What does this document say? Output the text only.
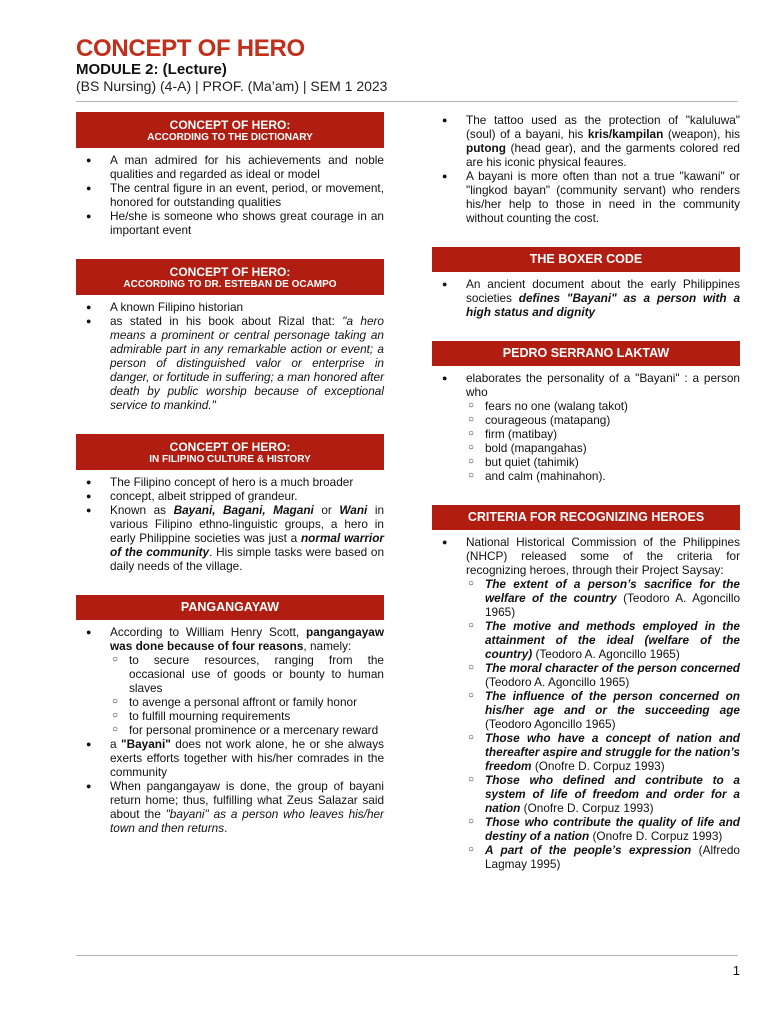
CONCEPT OF HERO
MODULE 2: (Lecture)
(BS Nursing) (4-A) | PROF. (Ma’am) | SEM 1 2023
CONCEPT OF HERO:
ACCORDING TO THE DICTIONARY
● A man admired for his achievements and noble qualities and regarded as ideal or model
● The central figure in an event, period, or movement, honored for outstanding qualities
● He/she is someone who shows great courage in an important event
CONCEPT OF HERO:
ACCORDING TO DR. ESTEBAN DE OCAMPO
● A known Filipino historian
● as stated in his book about Rizal that: "a hero means a prominent or central personage taking an admirable part in any remarkable action or event; a person of distinguished valor or enterprise in danger, or fortitude in suffering; a man honored after death by public worship because of exceptional service to mankind."
CONCEPT OF HERO:
IN FILIPINO CULTURE & HISTORY
● The Filipino concept of hero is a much broader
● concept, albeit stripped of grandeur.
● Known as Bayani, Bagani, Magani or Wani in various Filipino ethno-linguistic groups, a hero in early Philippine societies was just a normal warrior of the community. His simple tasks were based on daily needs of the village.
PANGANGAYAW
● According to William Henry Scott, pangangayaw was done because of four reasons, namely:
○ to secure resources, ranging from the occasional use of goods or bounty to human slaves
○ to avenge a personal affront or family honor
○ to fulfill mourning requirements
○ for personal prominence or a mercenary reward
● a "Bayani" does not work alone, he or she always exerts efforts together with his/her comrades in the community
● When pangangayaw is done, the group of bayani return home; thus, fulfilling what Zeus Salazar said about the "bayani" as a person who leaves his/her town and then returns.
● The tattoo used as the protection of "kaluluwa" (soul) of a bayani, his kris/kampilan (weapon), his putong (head gear), and the garments colored red are his iconic physical feaures.
● A bayani is more often than not a true "kawani" or "lingkod bayan" (community servant) who renders his/her help to those in need in the community without counting the cost.
THE BOXER CODE
● An ancient document about the early Philippines societies defines "Bayani" as a person with a high status and dignity
PEDRO SERRANO LAKTAW
● elaborates the personality of a "Bayani" : a person who
○ fears no one (walang takot)
○ courageous (matapang)
○ firm (matibay)
○ bold (mapangahas)
○ but quiet (tahimik)
○ and calm (mahinahon).
CRITERIA FOR RECOGNIZING HEROES
● National Historical Commission of the Philippines (NHCP) released some of the criteria for recognizing heroes, through their Project Saysay:
○ The extent of a person’s sacrifice for the welfare of the country (Teodoro A. Agoncillo 1965)
○ The motive and methods employed in the attainment of the ideal (welfare of the country) (Teodoro A. Agoncillo 1965)
○ The moral character of the person concerned (Teodoro A. Agoncillo 1965)
○ The influence of the person concerned on his/her age and or the succeeding age (Teodoro Agoncillo 1965)
○ Those who have a concept of nation and thereafter aspire and struggle for the nation’s freedom (Onofre D. Corpuz 1993)
○ Those who defined and contribute to a system of life of freedom and order for a nation (Onofre D. Corpuz 1993)
○ Those who contribute the quality of life and destiny of a nation (Onofre D. Corpuz 1993)
○ A part of the people’s expression (Alfredo Lagmay 1995)
1
